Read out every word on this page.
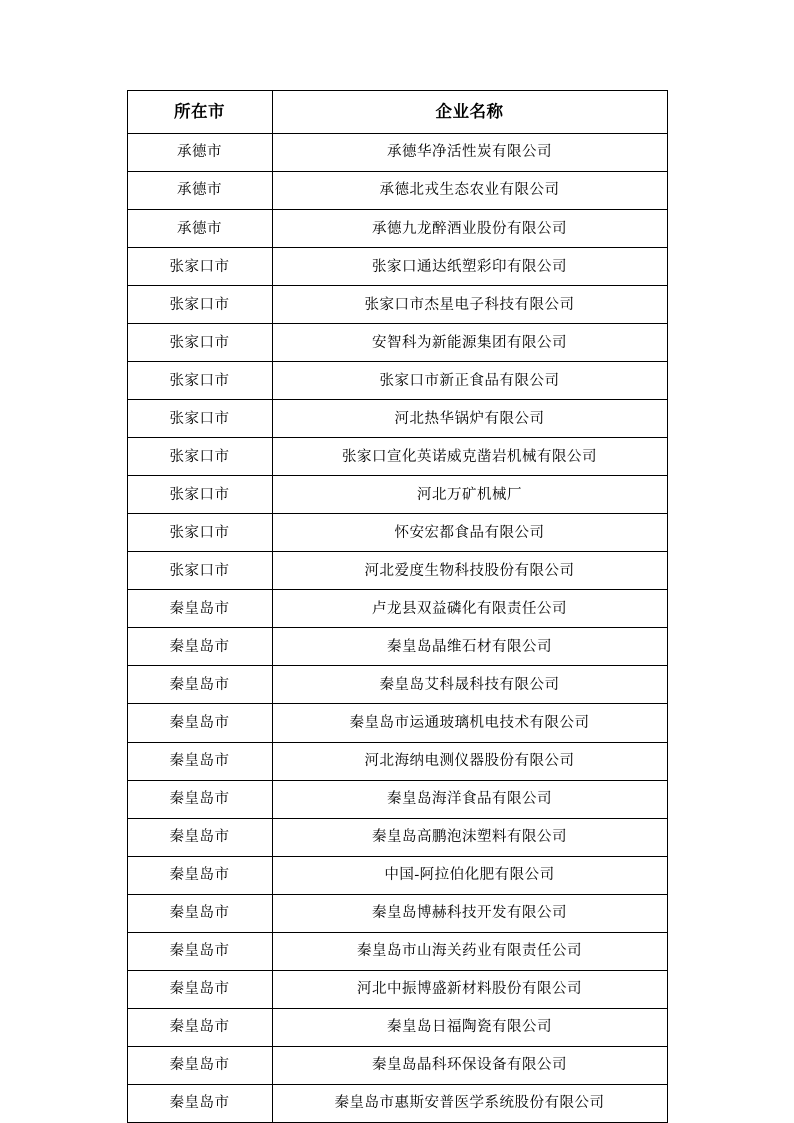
所在市	企业名称
承德市	承德华净活性炭有限公司
承德市	承德北戎生态农业有限公司
承德市	承德九龙醉酒业股份有限公司
张家口市	张家口通达纸塑彩印有限公司
张家口市	张家口市杰星电子科技有限公司
张家口市	安智科为新能源集团有限公司
张家口市	张家口市新正食品有限公司
张家口市	河北热华锅炉有限公司
张家口市	张家口宣化英诺威克凿岩机械有限公司
张家口市	河北万矿机械厂
张家口市	怀安宏都食品有限公司
张家口市	河北爱度生物科技股份有限公司
秦皇岛市	卢龙县双益磷化有限责任公司
秦皇岛市	秦皇岛晶维石材有限公司
秦皇岛市	秦皇岛艾科晟科技有限公司
秦皇岛市	秦皇岛市运通玻璃机电技术有限公司
秦皇岛市	河北海纳电测仪器股份有限公司
秦皇岛市	秦皇岛海洋食品有限公司
秦皇岛市	秦皇岛高鹏泡沫塑料有限公司
秦皇岛市	中国-阿拉伯化肥有限公司
秦皇岛市	秦皇岛博赫科技开发有限公司
秦皇岛市	秦皇岛市山海关药业有限责任公司
秦皇岛市	河北中振博盛新材料股份有限公司
秦皇岛市	秦皇岛日福陶瓷有限公司
秦皇岛市	秦皇岛晶科环保设备有限公司
秦皇岛市	秦皇岛市惠斯安普医学系统股份有限公司
